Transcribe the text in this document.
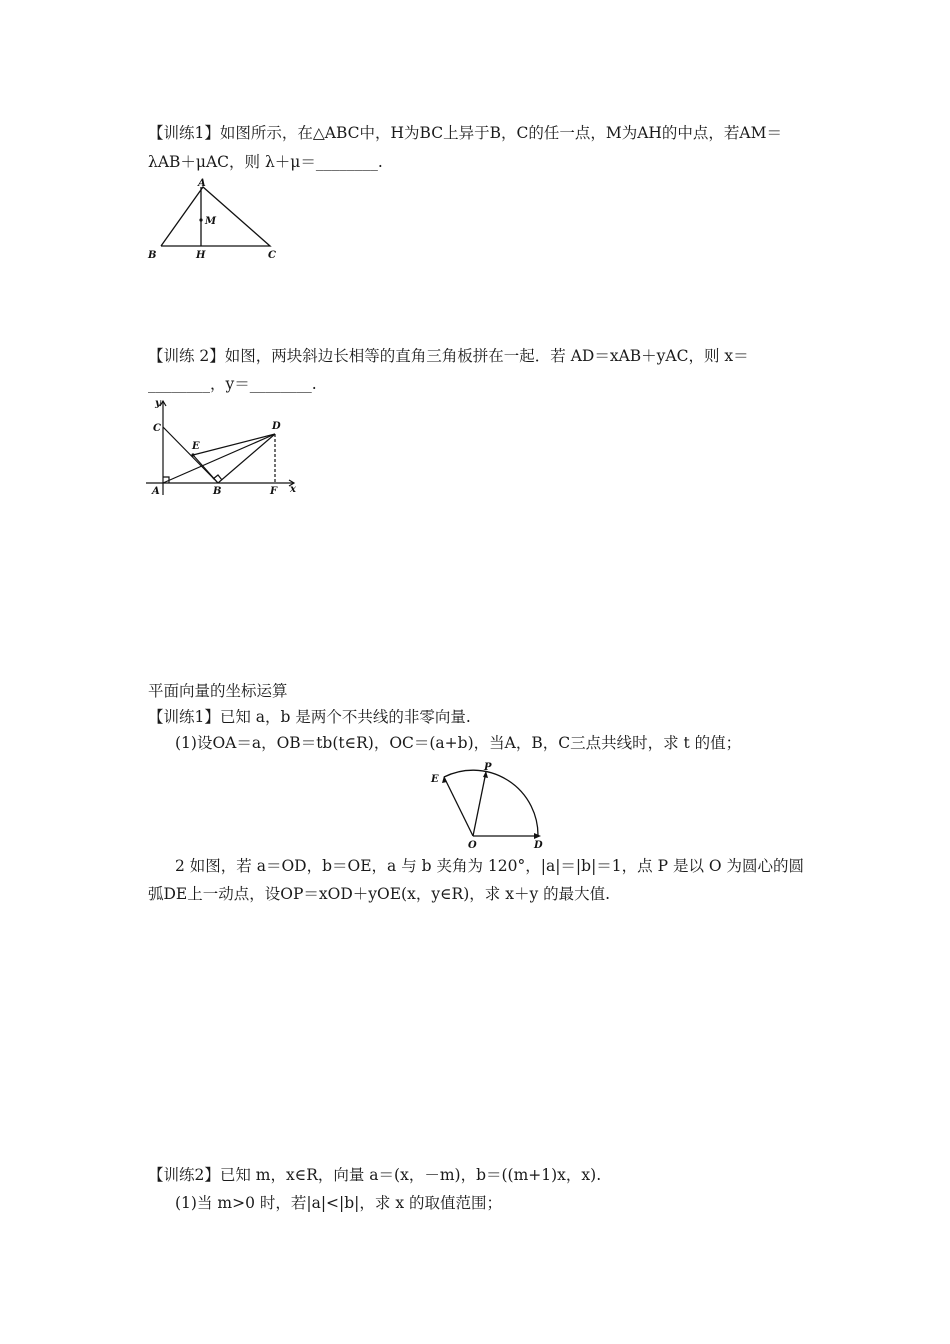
【训练1】如图所示，在△ABC中，H为BC上异于B，C的任一点，M为AH的中点，若AM＝
λAB＋μAC，则 λ＋μ＝________.
A
M
B	H	C
【训练 2】如图，两块斜边长相等的直角三角板拼在一起．若 AD＝xAB＋yAC，则 x＝
________，y＝________.
y
x
C
E
D
A	B	F
平面向量的坐标运算
【训练1】已知 a，b 是两个不共线的非零向量.
(1)设OA＝a，OB＝tb(t∈R)，OC＝(a+b)，当A，B，C三点共线时，求 t 的值；
E
P
O	D
2 如图，若 a＝OD，b＝OE，a 与 b 夹角为 120°，|a|＝|b|＝1，点 P 是以 O 为圆心的圆
弧DE上一动点，设OP＝xOD＋yOE(x，y∈R)，求 x＋y 的最大值.
【训练2】已知 m，x∈R，向量 a＝(x，－m)，b＝((m+1)x，x).
(1)当 m>0 时，若|a|<|b|，求 x 的取值范围；
